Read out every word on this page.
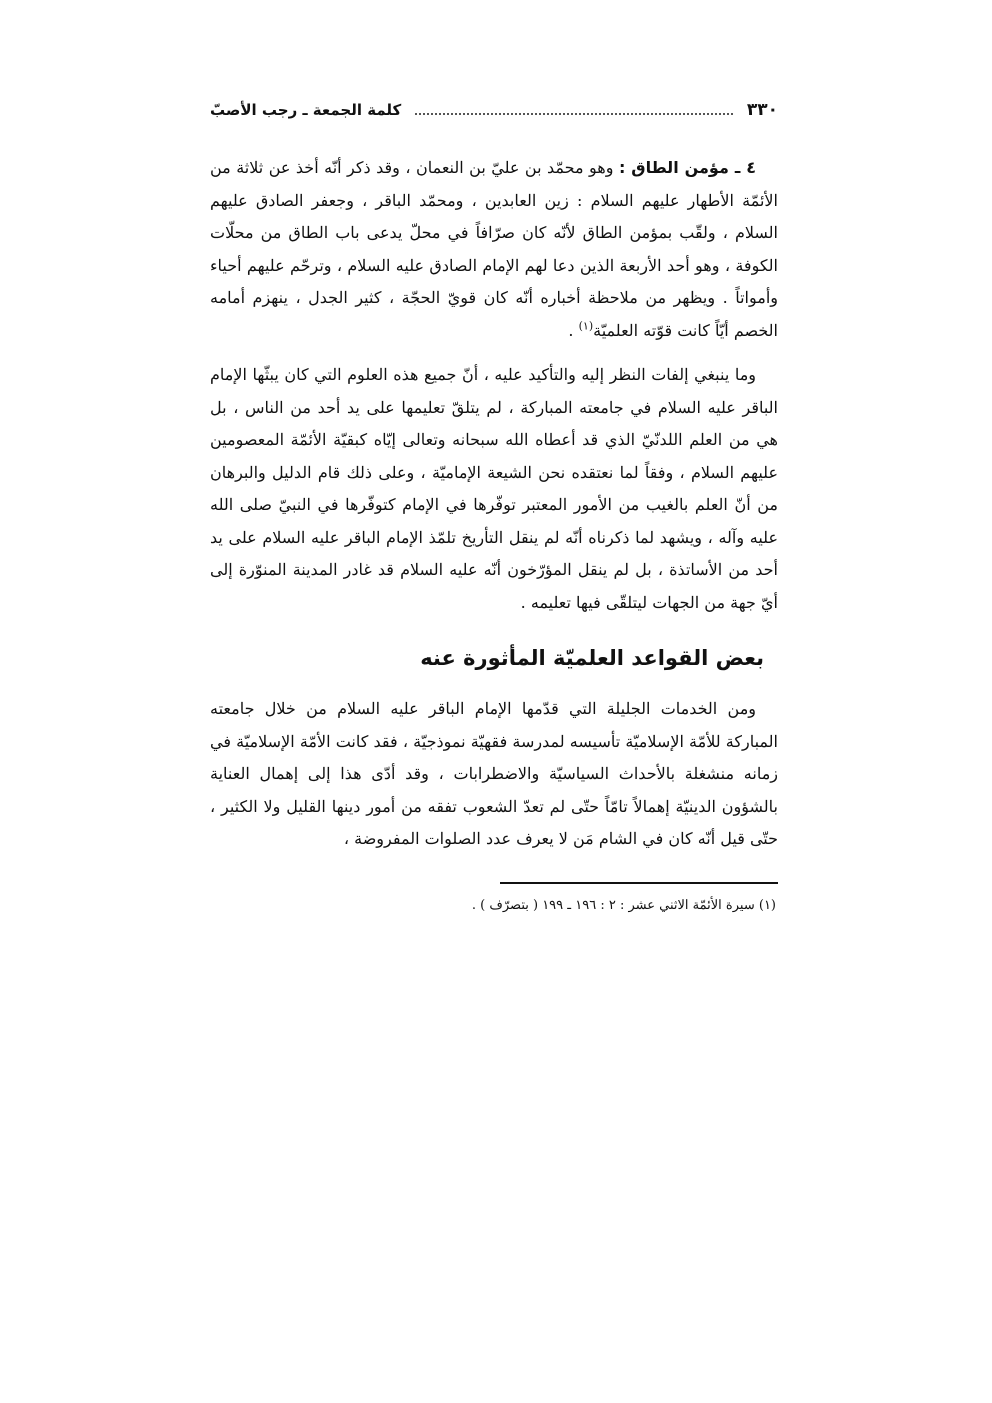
٣٣٠
كلمة الجمعة ـ رجب الأصبّ

٤ ـ مؤمن الطاق : وهو محمّد بن عليّ بن النعمان ، وقد ذكر أنّه أخذ عن ثلاثة من الأئمّة الأطهار عليهم السلام : زين العابدين ، ومحمّد الباقر ، وجعفر الصادق عليهم السلام ، ولقّب بمؤمن الطاق لأنّه كان صرّافاً في محلّ يدعى باب الطاق من محلّات الكوفة ، وهو أحد الأربعة الذين دعا لهم الإمام الصادق عليه السلام ، وترحّم عليهم أحياء وأمواتاً . ويظهر من ملاحظة أخباره أنّه كان قويّ الحجّة ، كثير الجدل ، ينهزم أمامه الخصم أيّاً كانت قوّته العلميّة$^{(١)}$ .

وما ينبغي إلفات النظر إليه والتأكيد عليه ، أنّ جميع هذه العلوم التي كان يبثّها الإمام الباقر عليه السلام في جامعته المباركة ، لم يتلقّ تعليمها على يد أحد من الناس ، بل هي من العلم اللدنّيّ الذي قد أعطاه الله سبحانه وتعالى إيّاه كبقيّة الأئمّة المعصومين عليهم السلام ، وفقاً لما نعتقده نحن الشيعة الإماميّة ، وعلى ذلك قام الدليل والبرهان من أنّ العلم بالغيب من الأمور المعتبر توفّرها في الإمام كتوفّرها في النبيّ صلى الله عليه وآله ، ويشهد لما ذكرناه أنّه لم ينقل التأريخ تلمّذ الإمام الباقر عليه السلام على يد أحد من الأساتذة ، بل لم ينقل المؤرّخون أنّه عليه السلام قد غادر المدينة المنوّرة إلى أيّ جهة من الجهات ليتلقّى فيها تعليمه .

بعض القواعد العلميّة المأثورة عنه

ومن الخدمات الجليلة التي قدّمها الإمام الباقر عليه السلام من خلال جامعته المباركة للأمّة الإسلاميّة تأسيسه لمدرسة فقهيّة نموذجيّة ، فقد كانت الأمّة الإسلاميّة في زمانه منشغلة بالأحداث السياسيّة والاضطرابات ، وقد أدّى هذا إلى إهمال العناية بالشؤون الدينيّة إهمالاً تامّاً حتّى لم تعدّ الشعوب تفقه من أمور دينها القليل ولا الكثير ، حتّى قيل أنّه كان في الشام مَن لا يعرف عدد الصلوات المفروضة ،

(١) سيرة الأئمّة الاثني عشر : ٢ : ١٩٦ ـ ١٩٩ ( بتصرّف ) .
